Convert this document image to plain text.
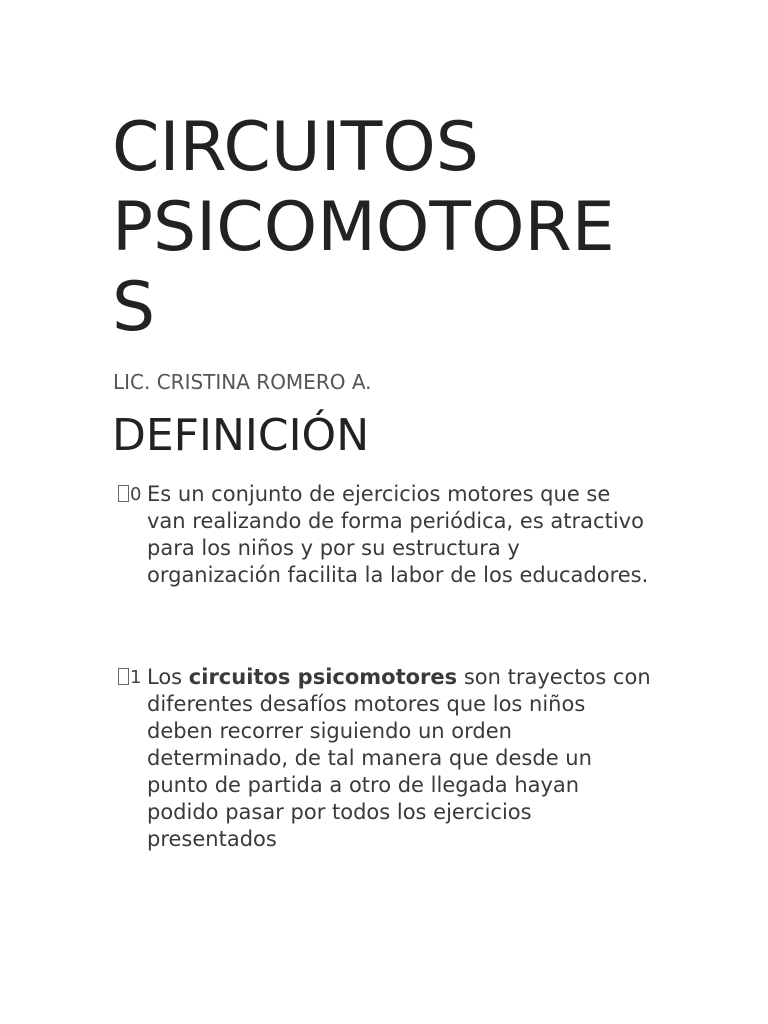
CIRCUITOS
PSICOMOTORE
S

LIC. CRISTINA ROMERO A.

DEFINICIÓN
0 Es un conjunto de ejercicios motores que se van realizando de forma periódica, es atractivo para los niños y por su estructura y organización facilita la labor de los educadores.
1 Los circuitos psicomotores son trayectos con diferentes desafíos motores que los niños deben recorrer siguiendo un orden determinado, de tal manera que desde un punto de partida a otro de llegada hayan podido pasar por todos los ejercicios presentados
